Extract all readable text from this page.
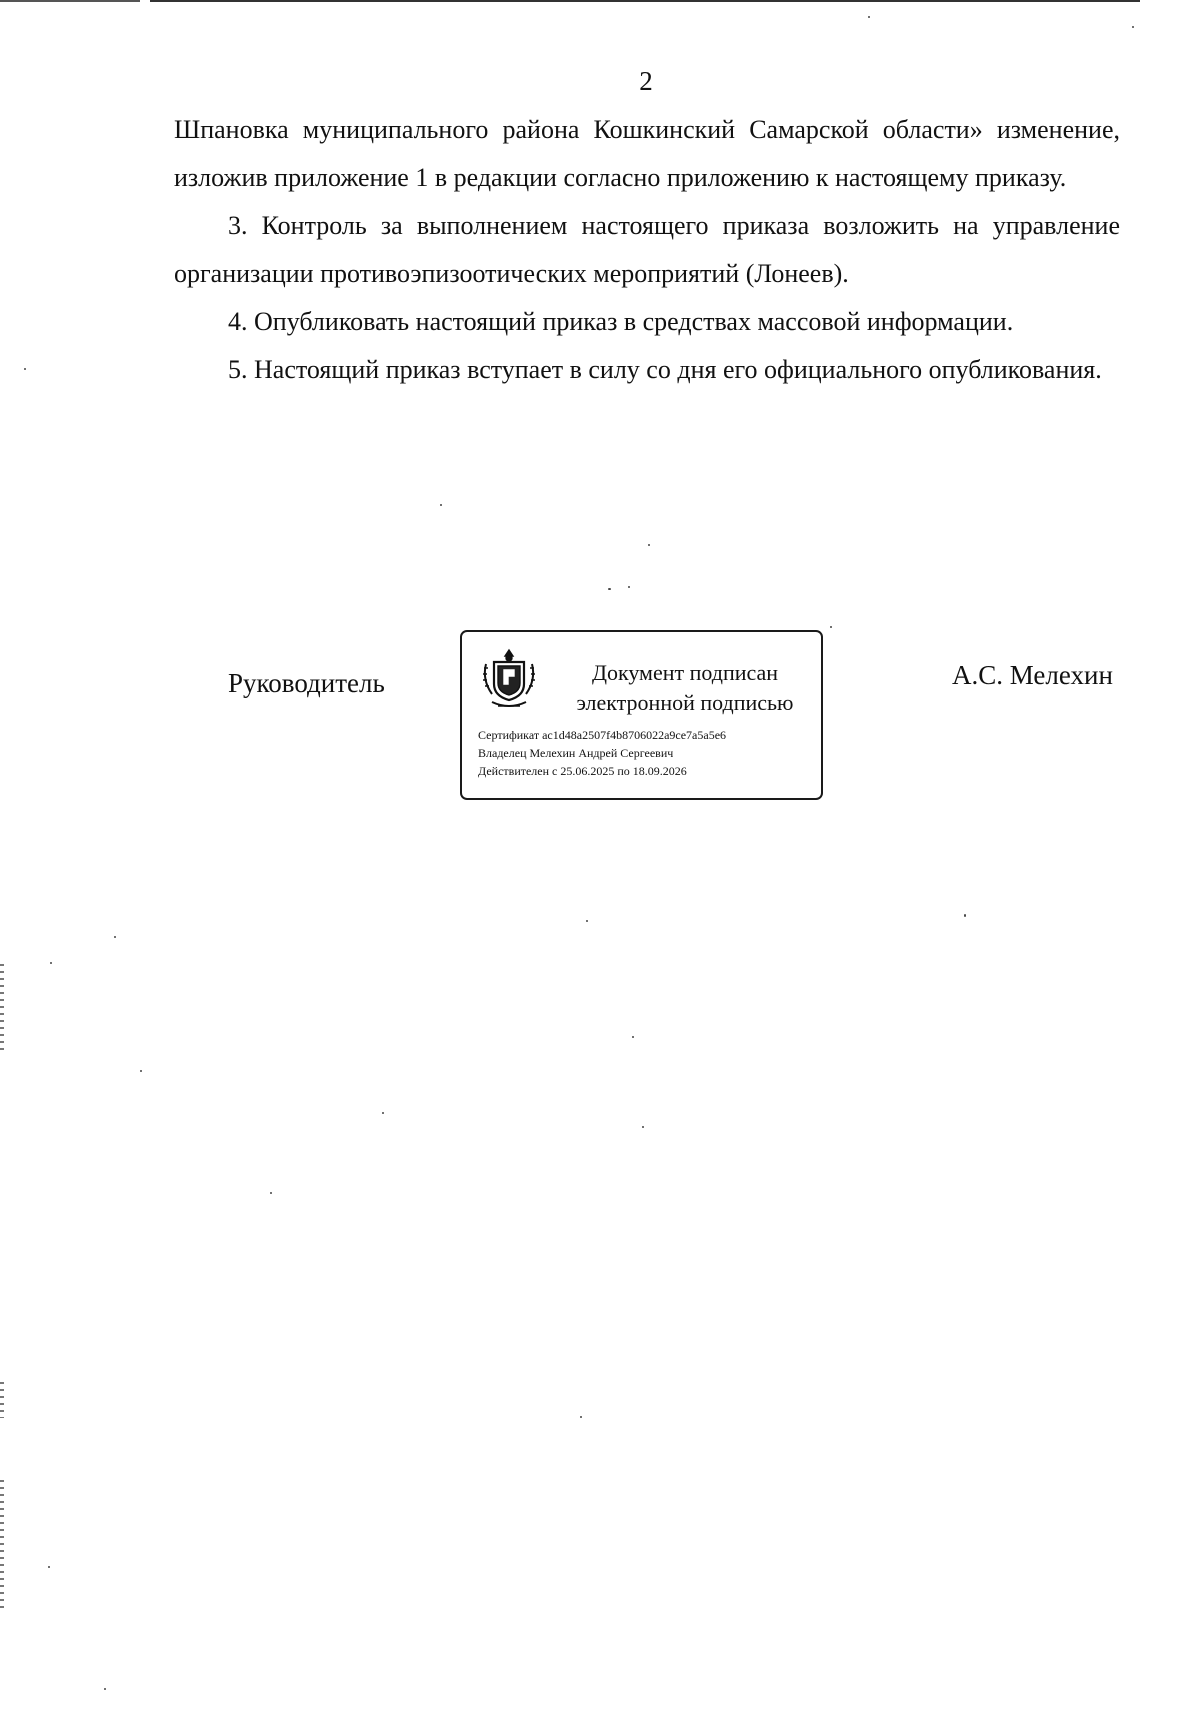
2

Шпановка муниципального района Кошкинский Самарской области» изменение, изложив приложение 1 в редакции согласно приложению к настоящему приказу.

3. Контроль за выполнением настоящего приказа возложить на управление организации противоэпизоотических мероприятий (Лонеев).

4. Опубликовать настоящий приказ в средствах массовой информации.

5. Настоящий приказ вступает в силу со дня его официального опубликования.

Руководитель	Документ подписан
электронной подписью
Сертификат ac1d48a2507f4b8706022a9ce7a5a5e6
Владелец Мелехин Андрей Сергеевич
Действителен с 25.06.2025 по 18.09.2026
А.С. Мелехин
